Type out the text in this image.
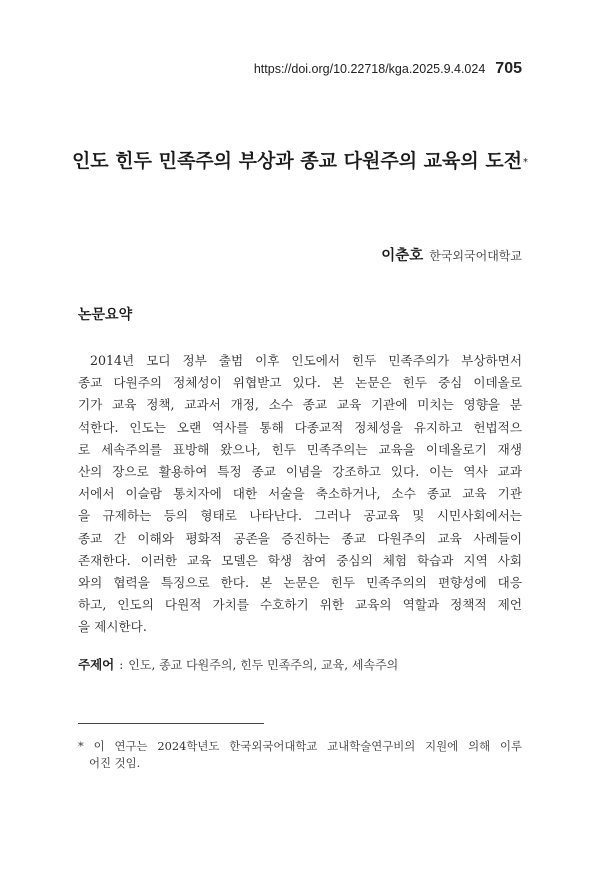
https://doi.org/10.22718/kga.2025.9.4.024 705
인도 힌두 민족주의 부상과 종교 다원주의 교육의 도전*
이춘호 한국외국어대학교
논문요약
2014년 모디 정부 출범 이후 인도에서 힌두 민족주의가 부상하면서
종교 다원주의 정체성이 위협받고 있다. 본 논문은 힌두 중심 이데올로
기가 교육 정책, 교과서 개정, 소수 종교 교육 기관에 미치는 영향을 분
석한다. 인도는 오랜 역사를 통해 다종교적 정체성을 유지하고 헌법적으
로 세속주의를 표방해 왔으나, 힌두 민족주의는 교육을 이데올로기 재생
산의 장으로 활용하여 특정 종교 이념을 강조하고 있다. 이는 역사 교과
서에서 이슬람 통치자에 대한 서술을 축소하거나, 소수 종교 교육 기관
을 규제하는 등의 형태로 나타난다. 그러나 공교육 및 시민사회에서는
종교 간 이해와 평화적 공존을 증진하는 종교 다원주의 교육 사례들이
존재한다. 이러한 교육 모델은 학생 참여 중심의 체험 학습과 지역 사회
와의 협력을 특징으로 한다. 본 논문은 힌두 민족주의의 편향성에 대응
하고, 인도의 다원적 가치를 수호하기 위한 교육의 역할과 정책적 제언
을 제시한다.
주제어 : 인도, 종교 다원주의, 힌두 민족주의, 교육, 세속주의
* 이 연구는 2024학년도 한국외국어대학교 교내학술연구비의 지원에 의해 이루
어진 것임.
